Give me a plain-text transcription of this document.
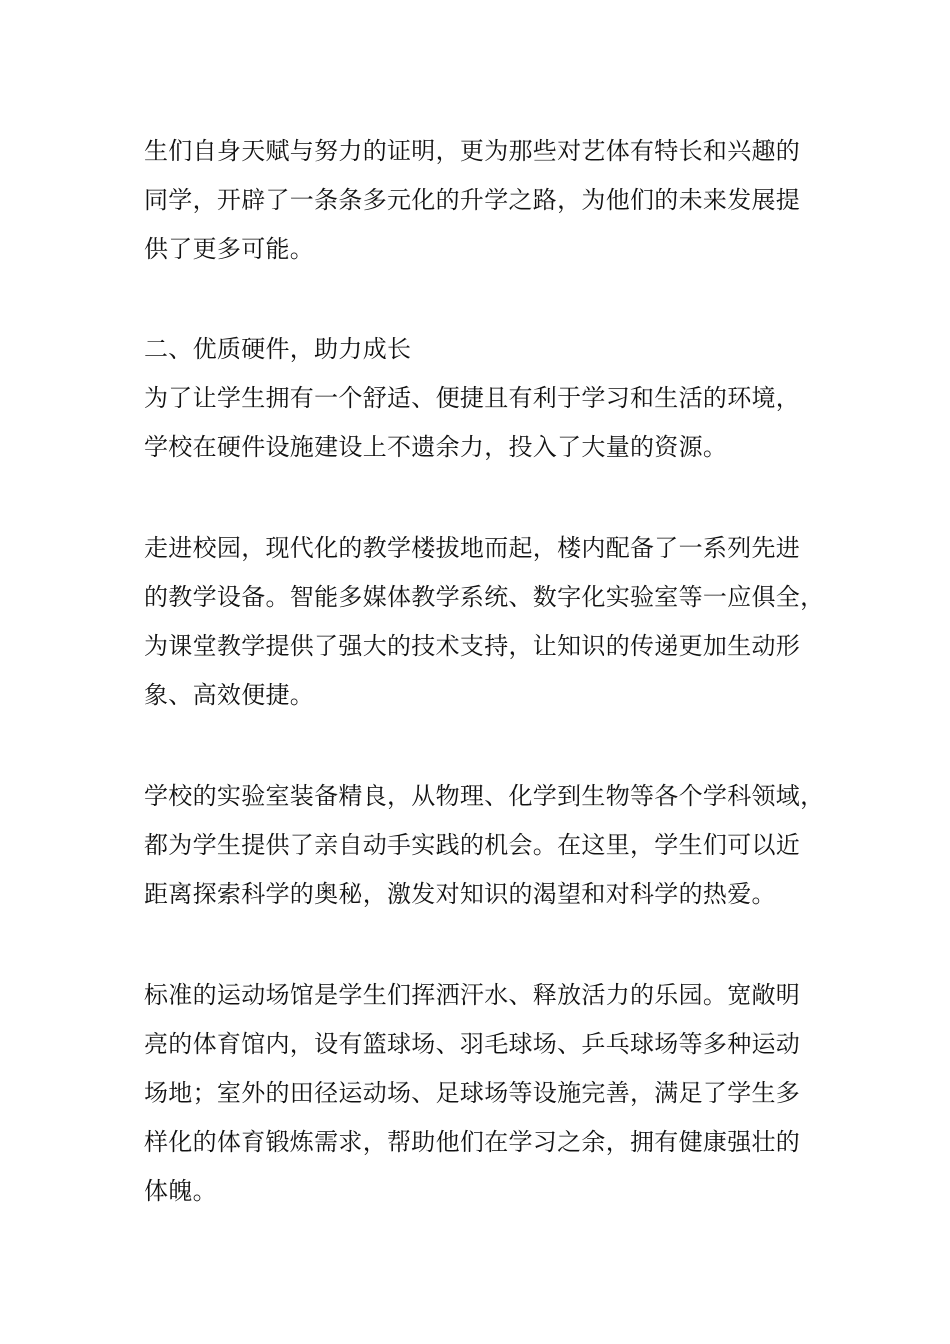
生们自身天赋与努力的证明，更为那些对艺体有特长和兴趣的

同学，开辟了一条条多元化的升学之路，为他们的未来发展提

供了更多可能。

二、优质硬件，助力成长

为了让学生拥有一个舒适、便捷且有利于学习和生活的环境，

学校在硬件设施建设上不遗余力，投入了大量的资源。

走进校园，现代化的教学楼拔地而起，楼内配备了一系列先进

的教学设备。智能多媒体教学系统、数字化实验室等一应俱全，

为课堂教学提供了强大的技术支持，让知识的传递更加生动形

象、高效便捷。

学校的实验室装备精良，从物理、化学到生物等各个学科领域，

都为学生提供了亲自动手实践的机会。在这里，学生们可以近

距离探索科学的奥秘，激发对知识的渴望和对科学的热爱。

标准的运动场馆是学生们挥洒汗水、释放活力的乐园。宽敞明

亮的体育馆内，设有篮球场、羽毛球场、乒乓球场等多种运动

场地；室外的田径运动场、足球场等设施完善，满足了学生多

样化的体育锻炼需求，帮助他们在学习之余，拥有健康强壮的

体魄。
